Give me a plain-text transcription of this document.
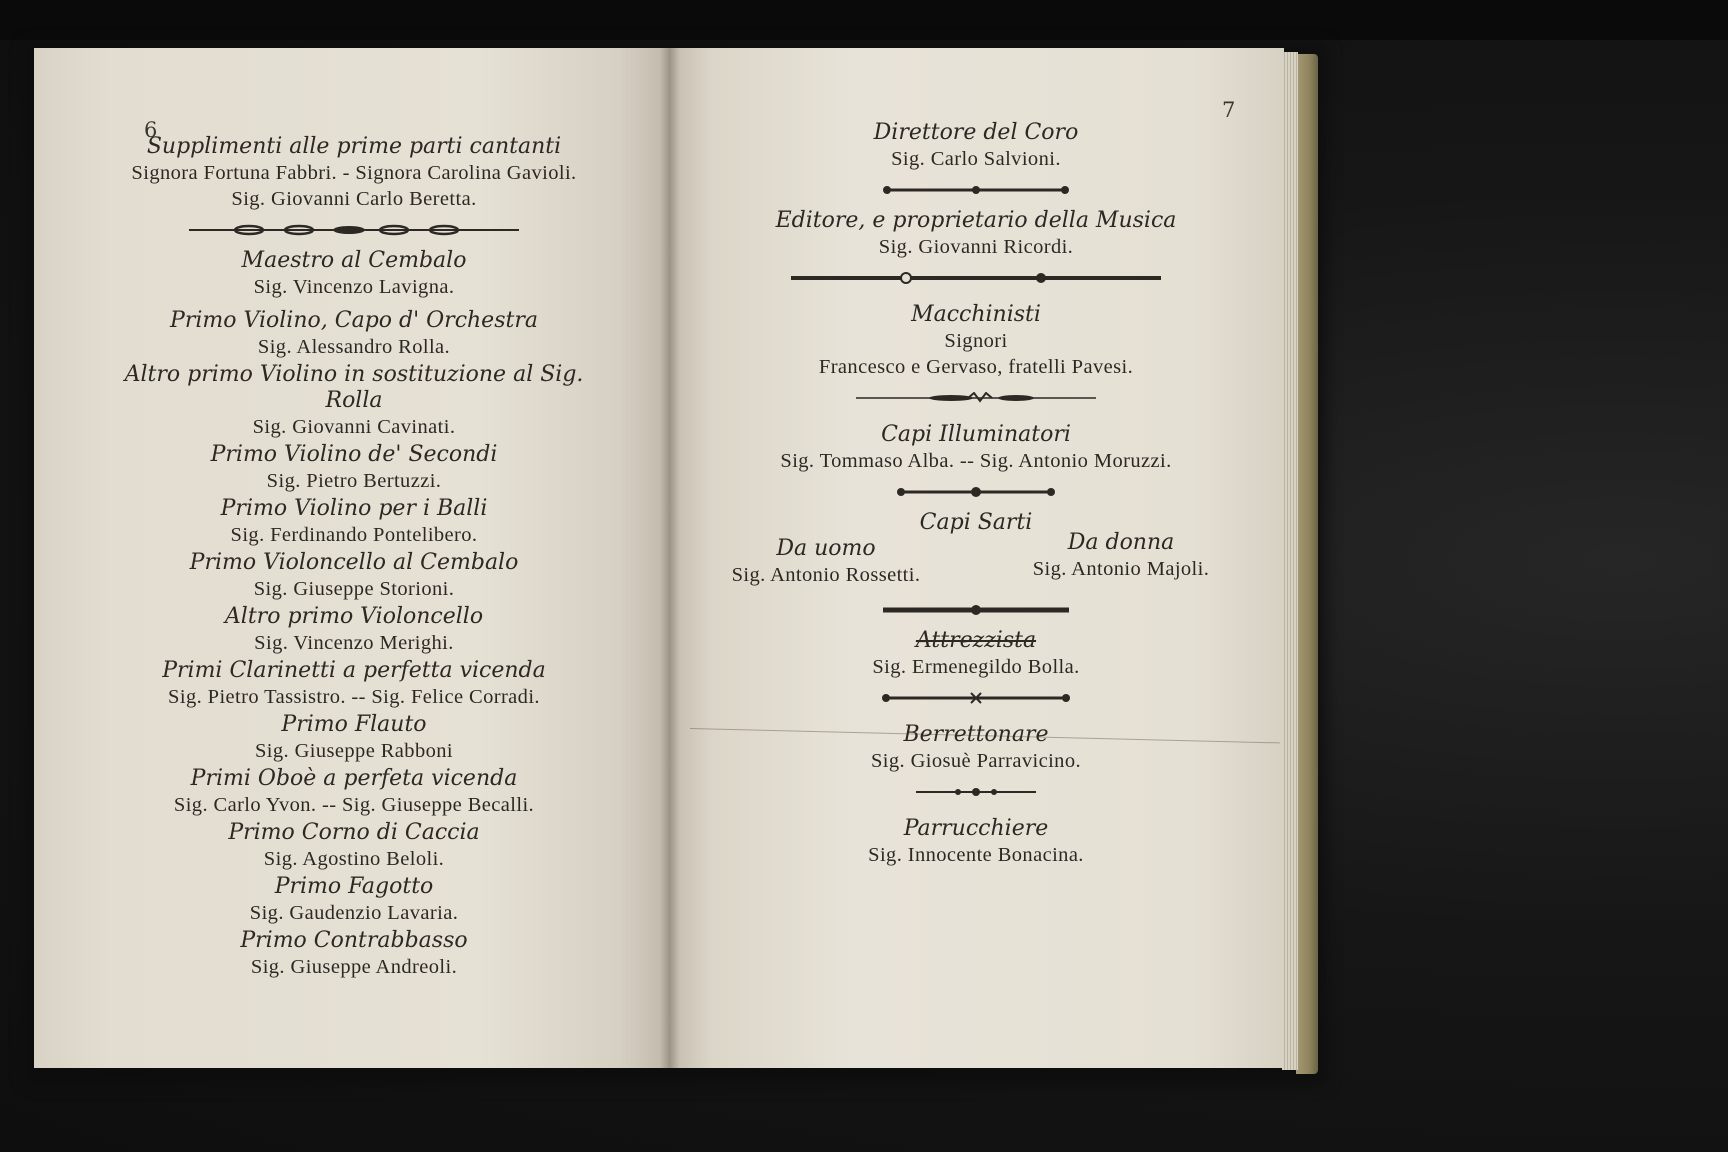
6
Supplimenti alle prime parti cantanti
Signora Fortuna Fabbri. - Signora Carolina Gavioli.
Sig. Giovanni Carlo Beretta.
Maestro al Cembalo
Sig. Vincenzo Lavigna.
Primo Violino, Capo d' Orchestra
Sig. Alessandro Rolla.
Altro primo Violino in sostituzione al Sig. Rolla
Sig. Giovanni Cavinati.
Primo Violino de' Secondi
Sig. Pietro Bertuzzi.
Primo Violino per i Balli
Sig. Ferdinando Pontelibero.
Primo Violoncello al Cembalo
Sig. Giuseppe Storioni.
Altro primo Violoncello
Sig. Vincenzo Merighi.
Primi Clarinetti a perfetta vicenda
Sig. Pietro Tassistro. -- Sig. Felice Corradi.
Primo Flauto
Sig. Giuseppe Rabboni
Primi Oboè a perfeta vicenda
Sig. Carlo Yvon. -- Sig. Giuseppe Becalli.
Primo Corno di Caccia
Sig. Agostino Beloli.
Primo Fagotto
Sig. Gaudenzio Lavaria.
Primo Contrabbasso
Sig. Giuseppe Andreoli.
7
Direttore del Coro
Sig. Carlo Salvioni.
Editore, e proprietario della Musica
Sig. Giovanni Ricordi.
Macchinisti
Signori
Francesco e Gervaso, fratelli Pavesi.
Capi Illuminatori
Sig. Tommaso Alba. -- Sig. Antonio Moruzzi.
Capi Sarti
Da uomo
Sig. Antonio Rossetti.
Da donna
Sig. Antonio Majoli.
Attrezzista
Sig. Ermenegildo Bolla.
Berrettonare
Sig. Giosuè Parravicino.
Parrucchiere
Sig. Innocente Bonacina.
